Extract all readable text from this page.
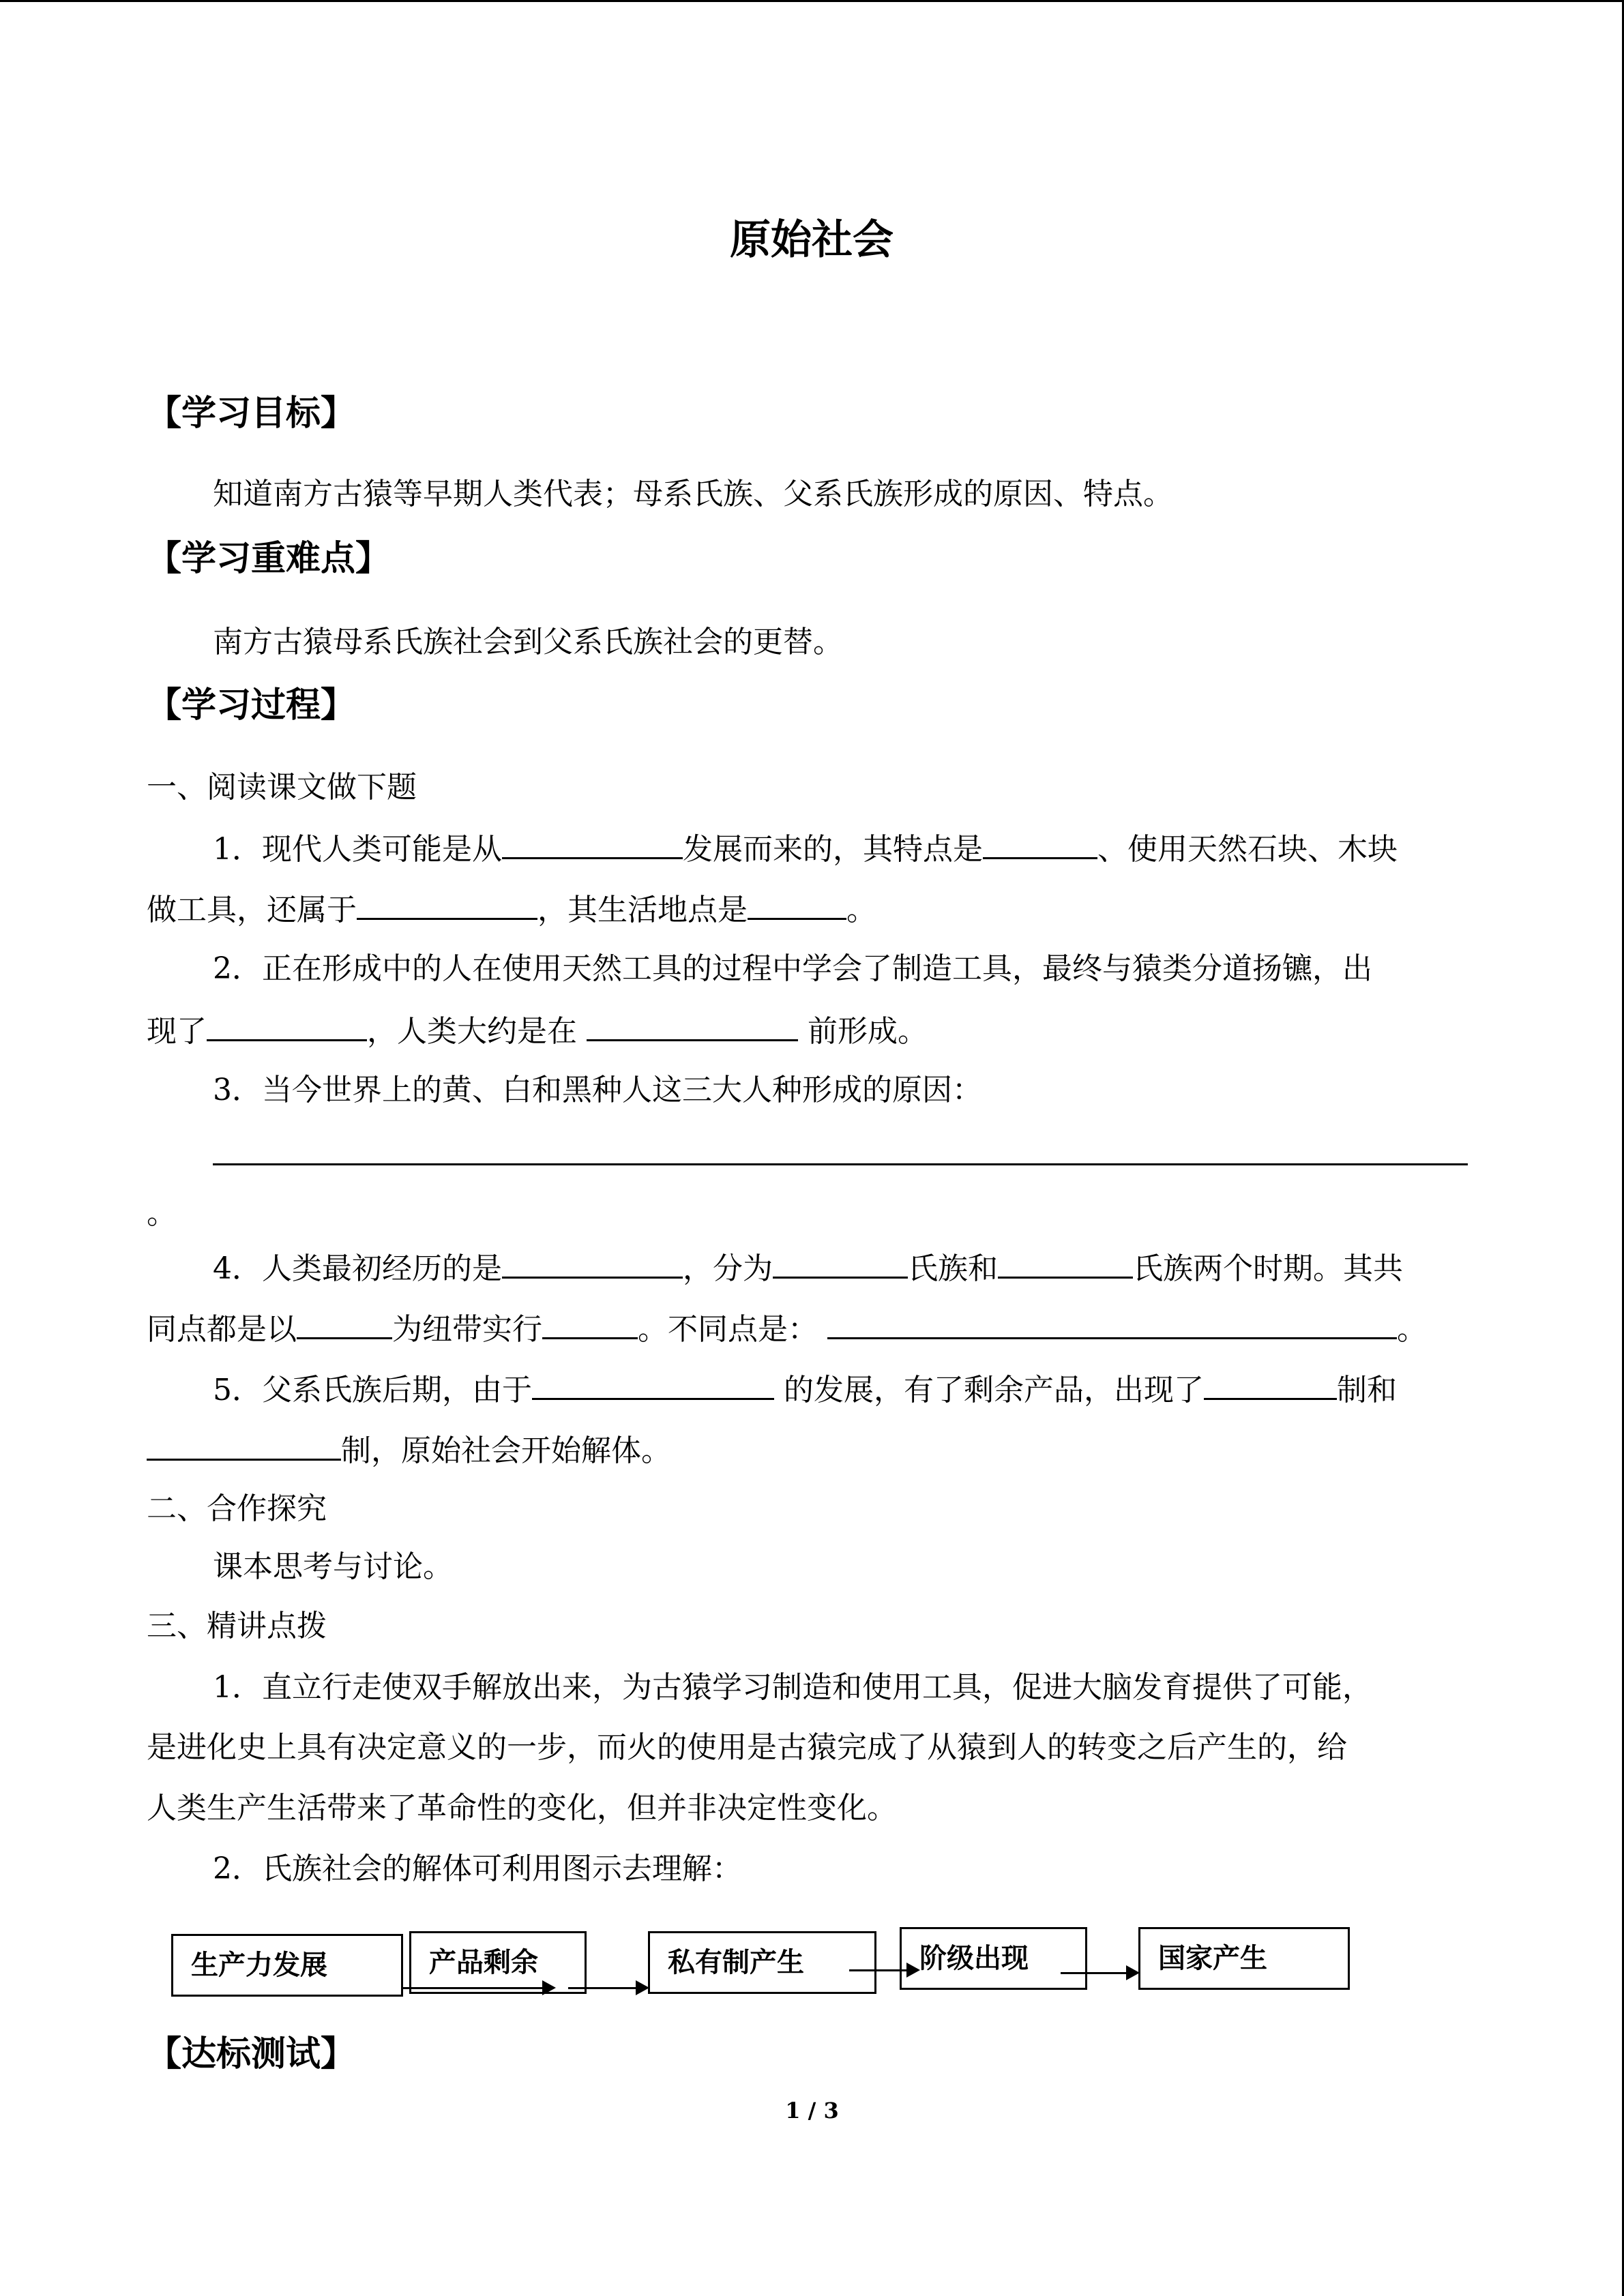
原始社会
【学习目标】
知道南方古猿等早期人类代表；母系氏族、父系氏族形成的原因、特点。
【学习重难点】
南方古猿母系氏族社会到父系氏族社会的更替。
【学习过程】
一、阅读课文做下题
1．现代人类可能是从	发展而来的，其特点是	、使用天然石块、木块
做工具，还属于	，其生活地点是	。
2．正在形成中的人在使用天然工具的过程中学会了制造工具，最终与猿类分道扬镳，出
现了	，人类大约是在	前形成。
3．当今世界上的黄、白和黑种人这三大人种形成的原因：
。
4．人类最初经历的是	，分为	氏族和	氏族两个时期。其共
同点都是以	为纽带实行	。不同点是：	。
5．父系氏族后期，由于	的发展，有了剩余产品，出现了	制和
制，原始社会开始解体。
二、合作探究
课本思考与讨论。
三、精讲点拨
1．直立行走使双手解放出来，为古猿学习制造和使用工具，促进大脑发育提供了可能，
是进化史上具有决定意义的一步，而火的使用是古猿完成了从猿到人的转变之后产生的，给
人类生产生活带来了革命性的变化，但并非决定性变化。
2．氏族社会的解体可利用图示去理解：
生产力发展	产品剩余	私有制产生	阶级出现	国家产生
【达标测试】
1 / 3
